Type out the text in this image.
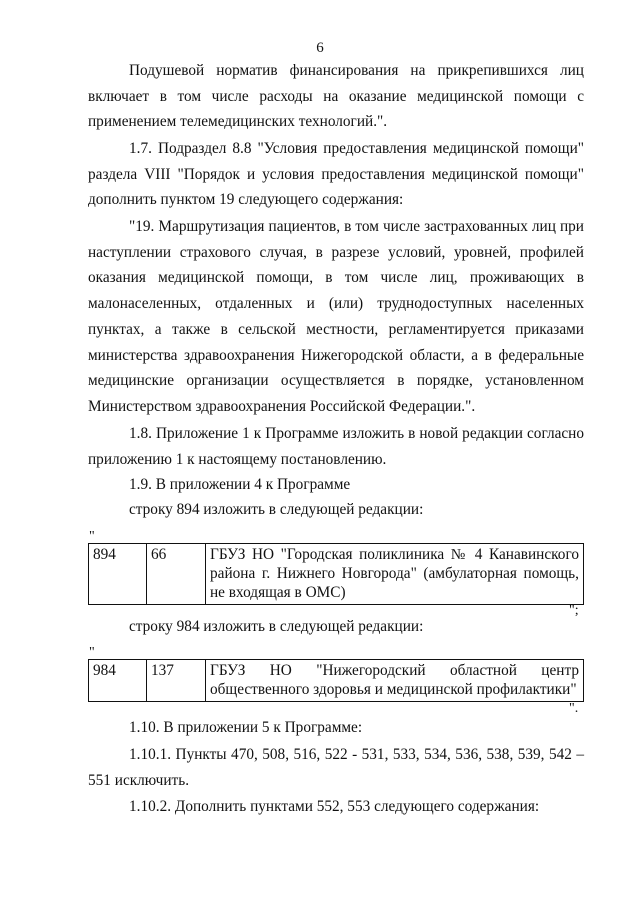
6

Подушевой норматив финансирования на прикрепившихся лиц включает в том числе расходы на оказание медицинской помощи с применением телемедицинских технологий.".

1.7. Подраздел 8.8 "Условия предоставления медицинской помощи" раздела VIII "Порядок и условия предоставления медицинской помощи" дополнить пунктом 19 следующего содержания:

"19. Маршрутизация пациентов, в том числе застрахованных лиц при наступлении страхового случая, в разрезе условий, уровней, профилей оказания медицинской помощи, в том числе лиц, проживающих в малонаселенных, отдаленных и (или) труднодоступных населенных пунктах, а также в сельской местности, регламентируется приказами министерства здравоохранения Нижегородской области, а в федеральные медицинские организации осуществляется в порядке, установленном Министерством здравоохранения Российской Федерации.".

1.8. Приложение 1 к Программе изложить в новой редакции согласно приложению 1 к настоящему постановлению.

1.9. В приложении 4 к Программе

строку 894 изложить в следующей редакции:

"
894	66	ГБУЗ НО "Городская поликлиника № 4 Канавинского района г. Нижнего Новгорода" (амбулаторная помощь, не входящая в ОМС)
";

строку 984 изложить в следующей редакции:

"
984	137	ГБУЗ НО "Нижегородский областной центр общественного здоровья и медицинской профилактики"
".

1.10. В приложении 5 к Программе:

1.10.1. Пункты 470, 508, 516, 522 - 531, 533, 534, 536, 538, 539, 542 – 551 исключить.

1.10.2. Дополнить пунктами 552, 553 следующего содержания:
